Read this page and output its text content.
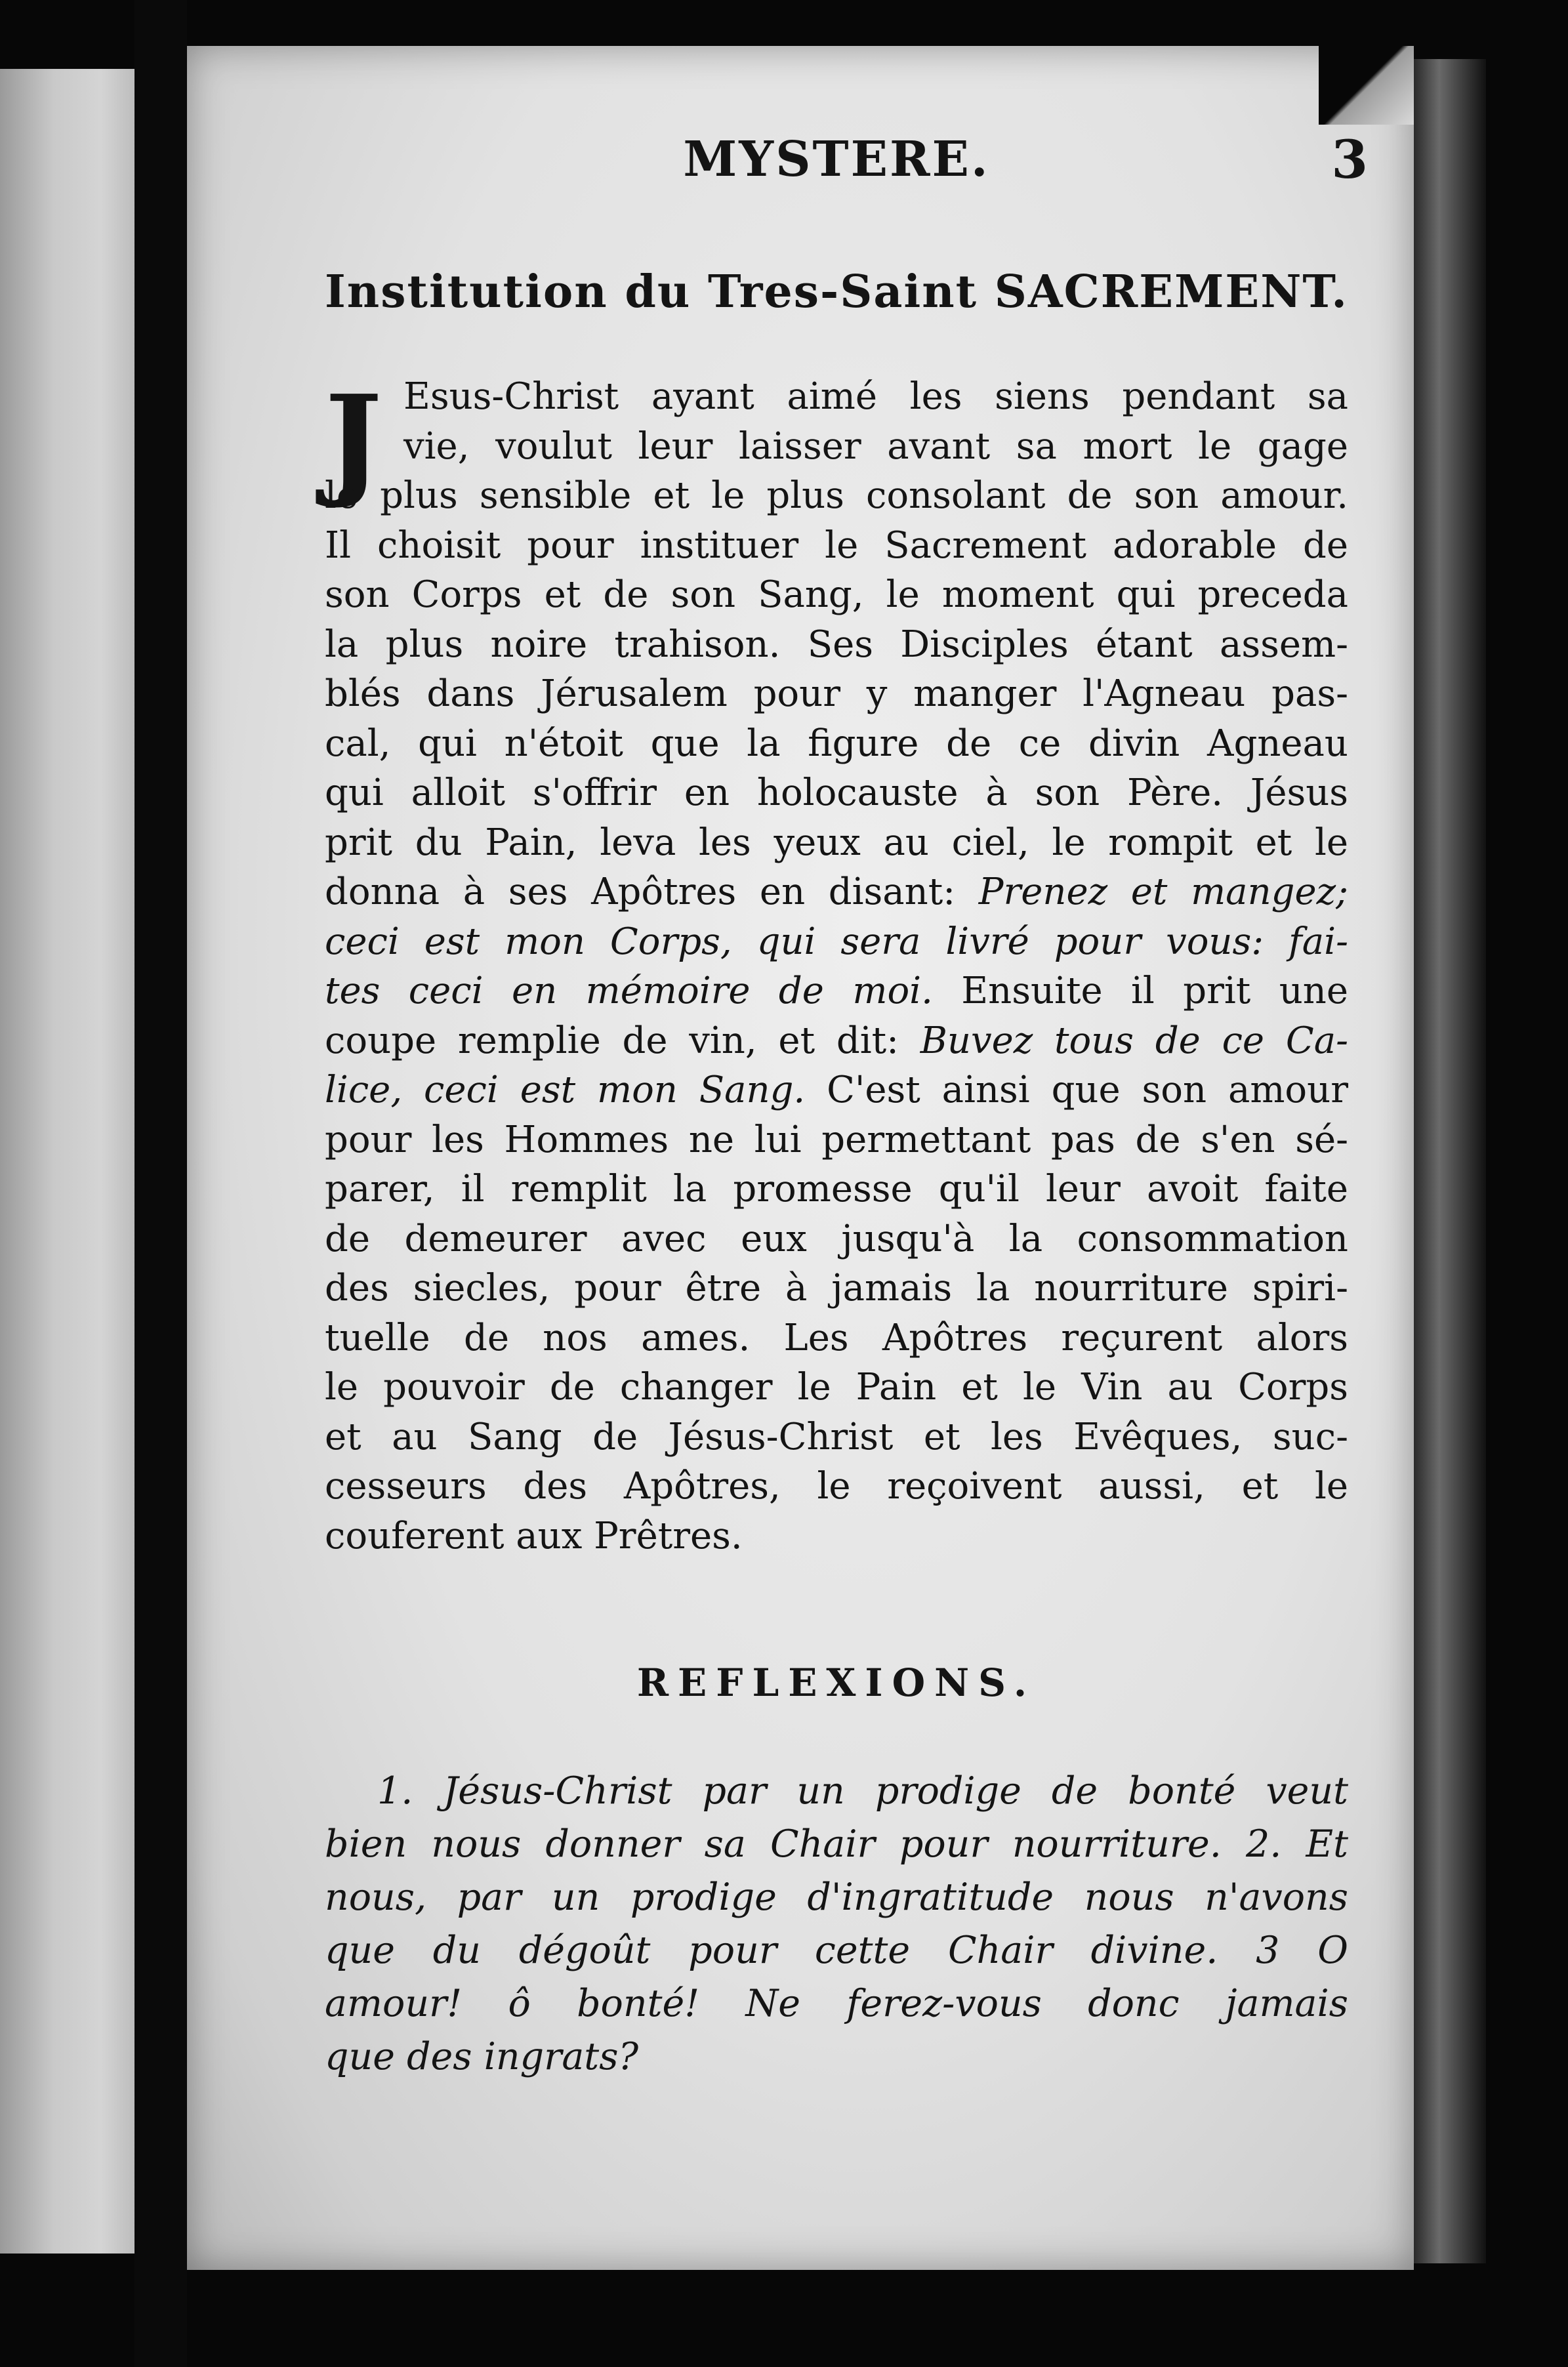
MYSTERE.	3
Institution du Tres-Saint SACREMENT.
J Esus-Christ ayant aimé les siens pendant sa
vie, voulut leur laisser avant sa mort le gage
le plus sensible et le plus consolant de son amour.
Il choisit pour instituer le Sacrement adorable de
son Corps et de son Sang, le moment qui preceda
la plus noire trahison. Ses Disciples étant assem-
blés dans Jérusalem pour y manger l'Agneau pas-
cal, qui n'étoit que la figure de ce divin Agneau
qui alloit s'offrir en holocauste à son Père. Jésus
prit du Pain, leva les yeux au ciel, le rompit et le
donna à ses Apôtres en disant: Prenez et mangez;
ceci est mon Corps, qui sera livré pour vous: fai-
tes ceci en mémoire de moi. Ensuite il prit une
coupe remplie de vin, et dit: Buvez tous de ce Ca-
lice, ceci est mon Sang. C'est ainsi que son amour
pour les Hommes ne lui permettant pas de s'en sé-
parer, il remplit la promesse qu'il leur avoit faite
de demeurer avec eux jusqu'à la consommation
des siecles, pour être à jamais la nourriture spiri-
tuelle de nos ames. Les Apôtres reçurent alors
le pouvoir de changer le Pain et le Vin au Corps
et au Sang de Jésus-Christ et les Evêques, suc-
cesseurs des Apôtres, le reçoivent aussi, et le
couferent aux Prêtres.
REFLEXIONS.
1. Jésus-Christ par un prodige de bonté veut
bien nous donner sa Chair pour nourriture. 2. Et
nous, par un prodige d'ingratitude nous n'avons
que du dégoût pour cette Chair divine. 3 O
amour! ô bonté! Ne ferez-vous donc jamais
que des ingrats?
